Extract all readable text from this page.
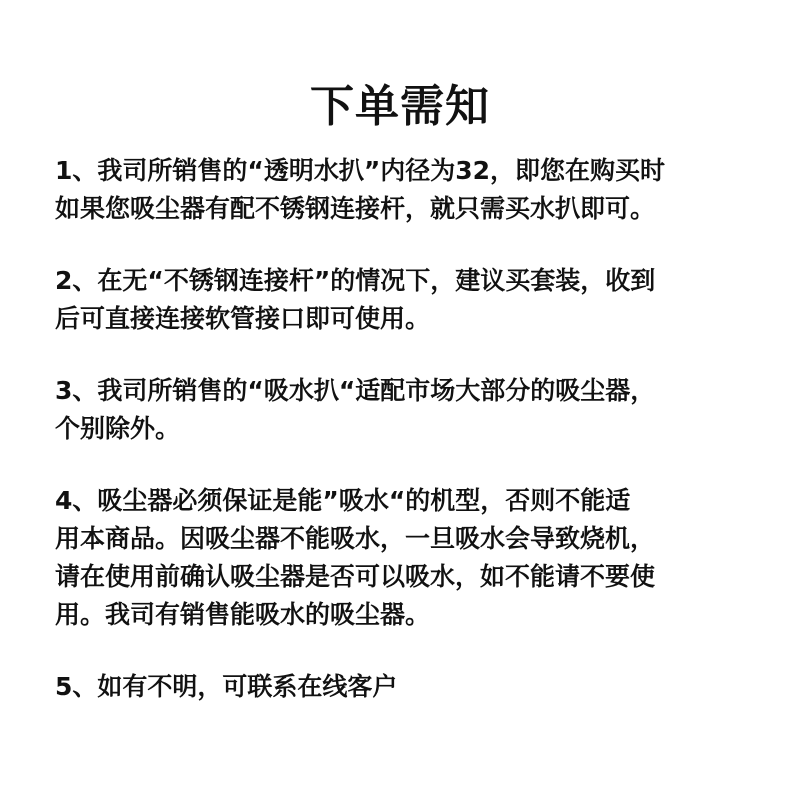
下单需知
1、我司所销售的“透明水扒”内径为32，即您在购买时
如果您吸尘器有配不锈钢连接杆，就只需买水扒即可。
2、在无“不锈钢连接杆”的情况下，建议买套装，收到
后可直接连接软管接口即可使用。
3、我司所销售的“吸水扒“适配市场大部分的吸尘器，
个别除外。
4、吸尘器必须保证是能”吸水“的机型，否则不能适
用本商品。因吸尘器不能吸水，一旦吸水会导致烧机，
请在使用前确认吸尘器是否可以吸水，如不能请不要使
用。我司有销售能吸水的吸尘器。
5、如有不明，可联系在线客户
